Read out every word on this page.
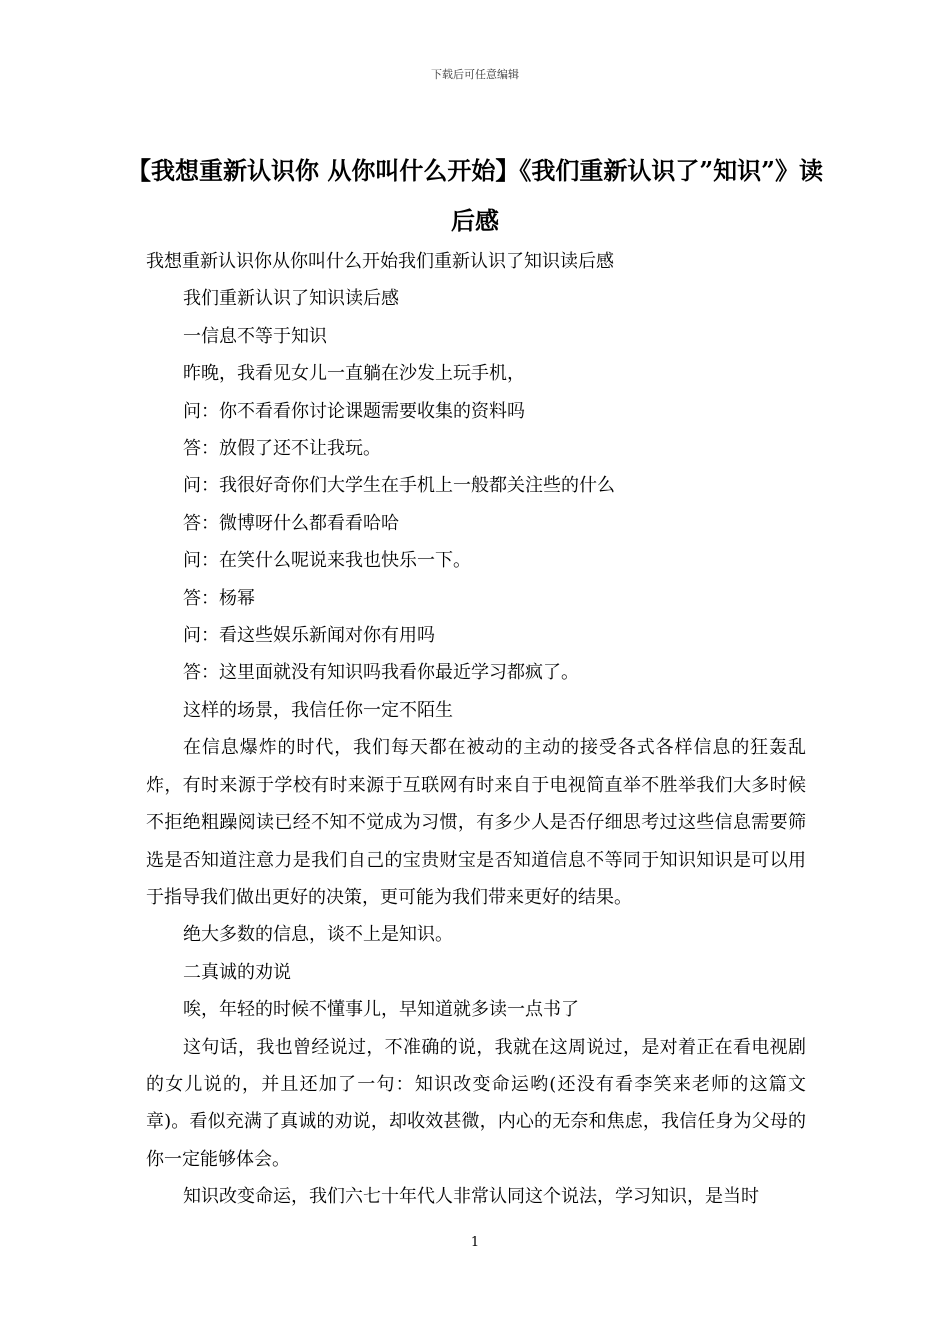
下载后可任意编辑
【我想重新认识你 从你叫什么开始】《我们重新认识了”知识”》读后感

我想重新认识你从你叫什么开始我们重新认识了知识读后感

我们重新认识了知识读后感

一信息不等于知识

昨晚，我看见女儿一直躺在沙发上玩手机，

问：你不看看你讨论课题需要收集的资料吗

答：放假了还不让我玩。

问：我很好奇你们大学生在手机上一般都关注些的什么

答：微博呀什么都看看哈哈

问：在笑什么呢说来我也快乐一下。

答：杨幂

问：看这些娱乐新闻对你有用吗

答：这里面就没有知识吗我看你最近学习都疯了。

这样的场景，我信任你一定不陌生

在信息爆炸的时代，我们每天都在被动的主动的接受各式各样信息的狂轰乱炸，有时来源于学校有时来源于互联网有时来自于电视简直举不胜举我们大多时候不拒绝粗躁阅读已经不知不觉成为习惯，有多少人是否仔细思考过这些信息需要筛选是否知道注意力是我们自己的宝贵财宝是否知道信息不等同于知识知识是可以用于指导我们做出更好的决策，更可能为我们带来更好的结果。

绝大多数的信息，谈不上是知识。

二真诚的劝说

唉，年轻的时候不懂事儿，早知道就多读一点书了

这句话，我也曾经说过，不准确的说，我就在这周说过，是对着正在看电视剧的女儿说的，并且还加了一句：知识改变命运哟(还没有看李笑来老师的这篇文章)。看似充满了真诚的劝说，却收效甚微，内心的无奈和焦虑，我信任身为父母的你一定能够体会。

知识改变命运，我们六七十年代人非常认同这个说法，学习知识，是当时

1
